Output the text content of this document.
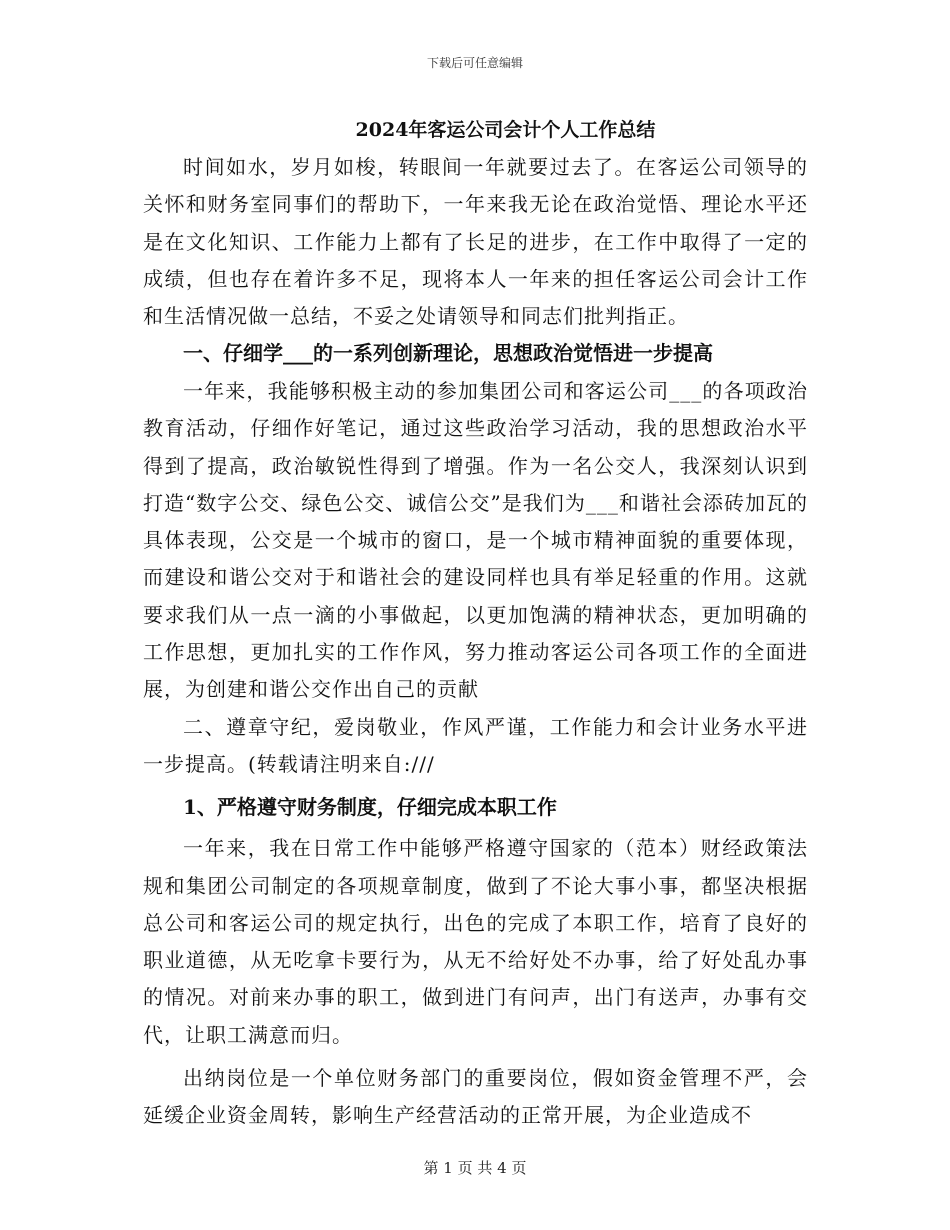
下载后可任意编辑
2024年客运公司会计个人工作总结

时间如水，岁月如梭，转眼间一年就要过去了。在客运公司领导的关怀和财务室同事们的帮助下，一年来我无论在政治觉悟、理论水平还是在文化知识、工作能力上都有了长足的进步，在工作中取得了一定的成绩，但也存在着许多不足，现将本人一年来的担任客运公司会计工作和生活情况做一总结，不妥之处请领导和同志们批判指正。

一、仔细学___的一系列创新理论，思想政治觉悟进一步提高

一年来，我能够积极主动的参加集团公司和客运公司___的各项政治教育活动，仔细作好笔记，通过这些政治学习活动，我的思想政治水平得到了提高，政治敏锐性得到了增强。作为一名公交人，我深刻认识到打造“数字公交、绿色公交、诚信公交”是我们为___和谐社会添砖加瓦的具体表现，公交是一个城市的窗口，是一个城市精神面貌的重要体现，而建设和谐公交对于和谐社会的建设同样也具有举足轻重的作用。这就要求我们从一点一滴的小事做起，以更加饱满的精神状态，更加明确的工作思想，更加扎实的工作作风，努力推动客运公司各项工作的全面进展，为创建和谐公交作出自己的贡献

二、遵章守纪，爱岗敬业，作风严谨，工作能力和会计业务水平进一步提高。(转载请注明来自:///

1、严格遵守财务制度，仔细完成本职工作

一年来，我在日常工作中能够严格遵守国家的（范本）财经政策法规和集团公司制定的各项规章制度，做到了不论大事小事，都坚决根据总公司和客运公司的规定执行，出色的完成了本职工作，培育了良好的职业道德，从无吃拿卡要行为，从无不给好处不办事，给了好处乱办事的情况。对前来办事的职工，做到进门有问声，出门有送声，办事有交代，让职工满意而归。

出纳岗位是一个单位财务部门的重要岗位，假如资金管理不严，会延缓企业资金周转，影响生产经营活动的正常开展，为企业造成不

第 1 页 共 4 页
